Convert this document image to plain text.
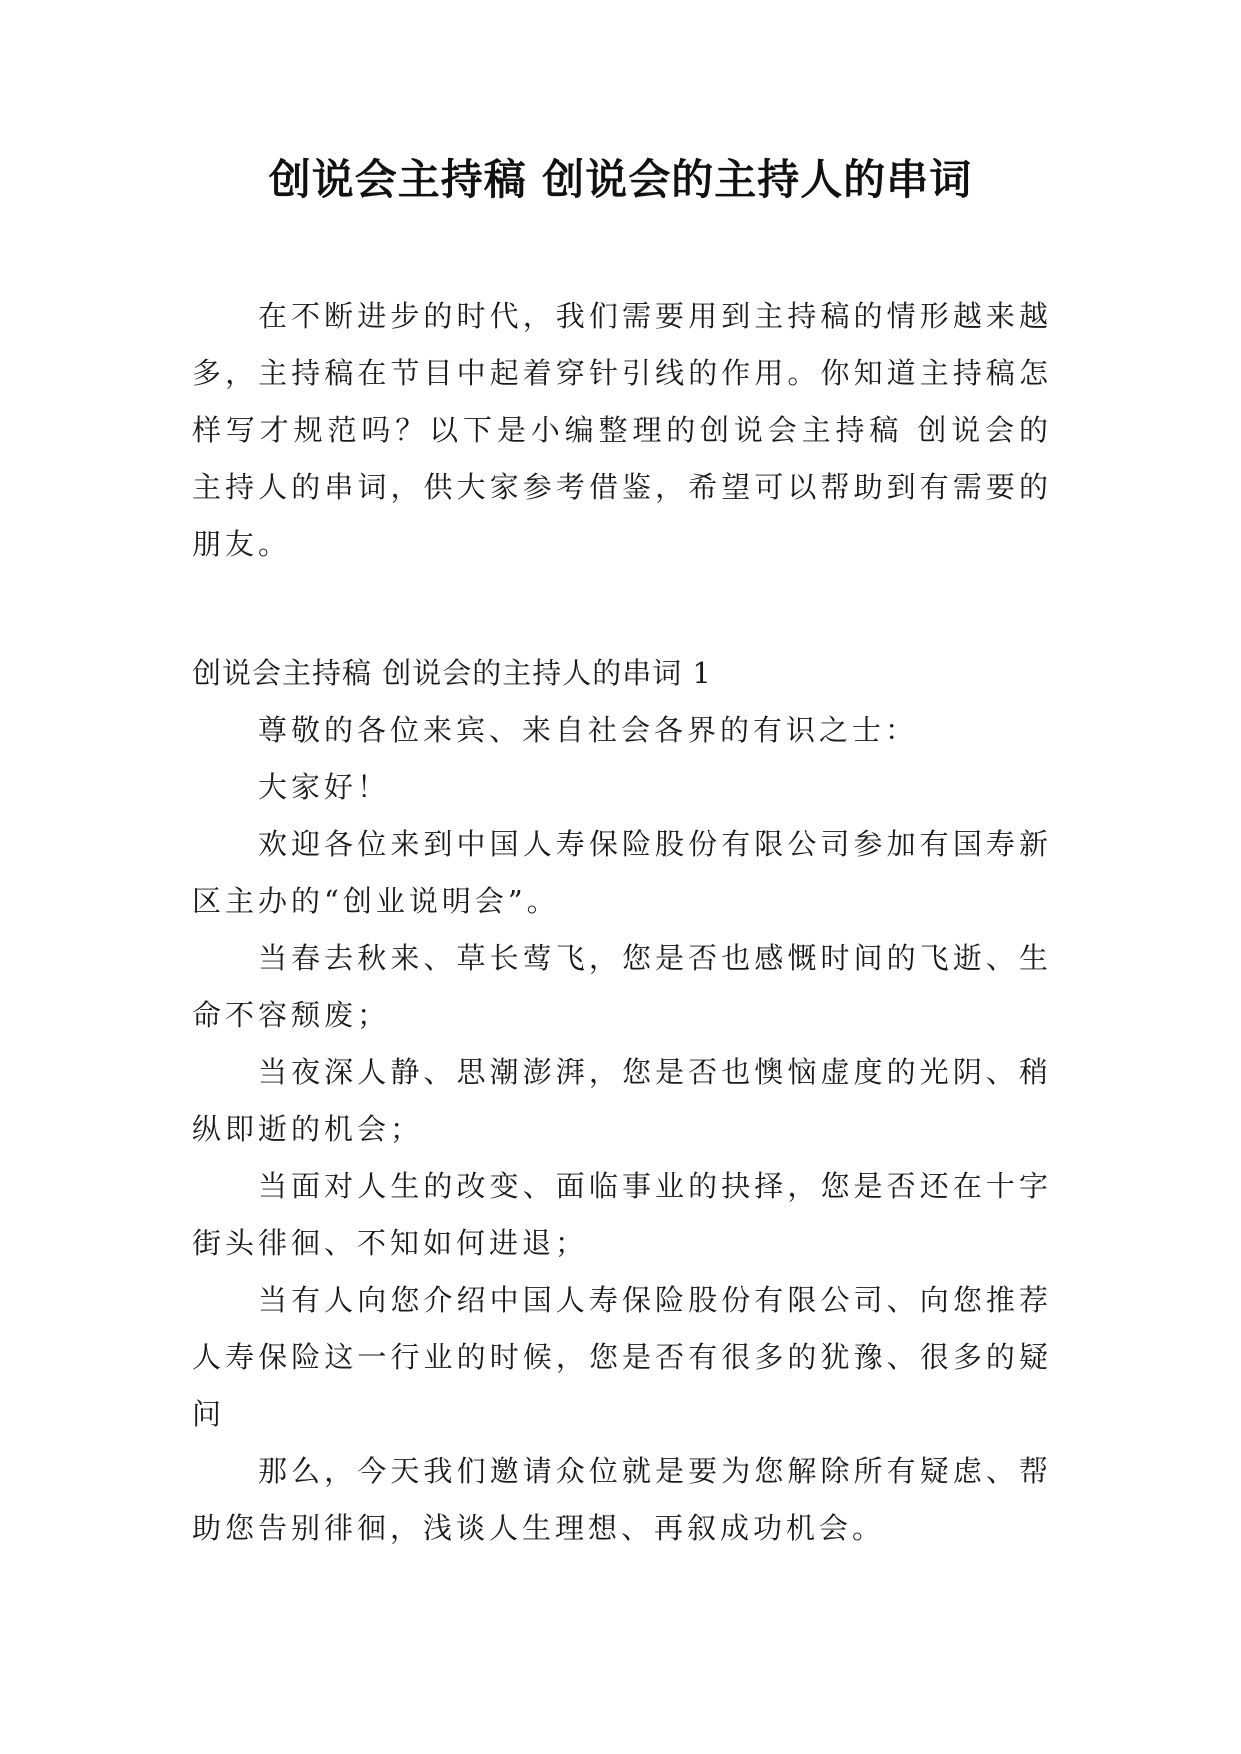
创说会主持稿 创说会的主持人的串词

在不断进步的时代，我们需要用到主持稿的情形越来越多，主持稿在节目中起着穿针引线的作用。你知道主持稿怎样写才规范吗？以下是小编整理的创说会主持稿 创说会的主持人的串词，供大家参考借鉴，希望可以帮助到有需要的朋友。

创说会主持稿 创说会的主持人的串词 1

尊敬的各位来宾、来自社会各界的有识之士：

大家好！

欢迎各位来到中国人寿保险股份有限公司参加有国寿新区主办的“创业说明会”。

当春去秋来、草长莺飞，您是否也感慨时间的飞逝、生命不容颓废；

当夜深人静、思潮澎湃，您是否也懊恼虚度的光阴、稍纵即逝的机会；

当面对人生的改变、面临事业的抉择，您是否还在十字街头徘徊、不知如何进退；

当有人向您介绍中国人寿保险股份有限公司、向您推荐人寿保险这一行业的时候，您是否有很多的犹豫、很多的疑问

那么，今天我们邀请众位就是要为您解除所有疑虑、帮助您告别徘徊，浅谈人生理想、再叙成功机会。
